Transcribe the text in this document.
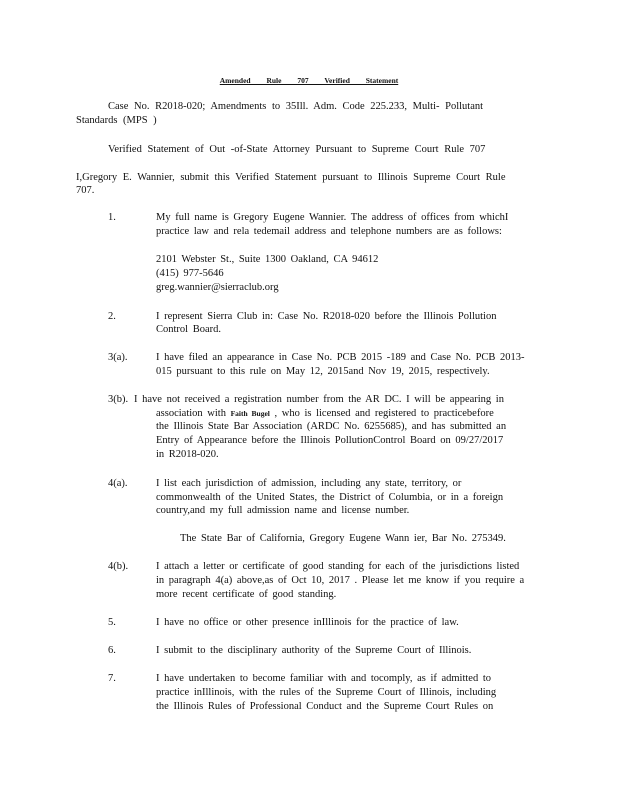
Amended Rule 707 Verified Statement
Case No. R2018-020; Amendments to 35Ill. Adm. Code 225.233, Multi- Pollutant
Standards (MPS )
Verified Statement of Out -of-State Attorney Pursuant to Supreme Court Rule 707
I,Gregory E. Wannier, submit this Verified Statement pursuant to Illinois Supreme Court Rule
707.
1.	My full name is Gregory Eugene Wannier. The address of offices from whichI
practice law and rela tedemail address and telephone numbers are as follows:
2101 Webster St., Suite 1300 Oakland, CA 94612
(415) 977-5646
greg.wannier@sierraclub.org
2.	I represent Sierra Club in: Case No. R2018-020 before the Illinois Pollution
Control Board.
3(a).	I have filed an appearance in Case No. PCB 2015 -189 and Case No. PCB 2013-
015 pursuant to this rule on May 12, 2015and Nov 19, 2015, respectively.
3(b). I have not received a registration number from the AR DC. I will be appearing in
association with Faith Bugel , who is licensed and registered to practicebefore
the Illinois State Bar Association (ARDC No. 6255685), and has submitted an
Entry of Appearance before the Illinois PollutionControl Board on 09/27/2017
in R2018-020.
4(a).	I list each jurisdiction of admission, including any state, territory, or
commonwealth of the United States, the District of Columbia, or in a foreign
country,and my full admission name and license number.
The State Bar of California, Gregory Eugene Wann ier, Bar No. 275349.
4(b).	I attach a letter or certificate of good standing for each of the jurisdictions listed
in paragraph 4(a) above,as of Oct 10, 2017 . Please let me know if you require a
more recent certificate of good standing.
5.	I have no office or other presence inIllinois for the practice of law.
6.	I submit to the disciplinary authority of the Supreme Court of Illinois.
7.	I have undertaken to become familiar with and tocomply, as if admitted to
practice inIllinois, with the rules of the Supreme Court of Illinois, including
the Illinois Rules of Professional Conduct and the Supreme Court Rules on
